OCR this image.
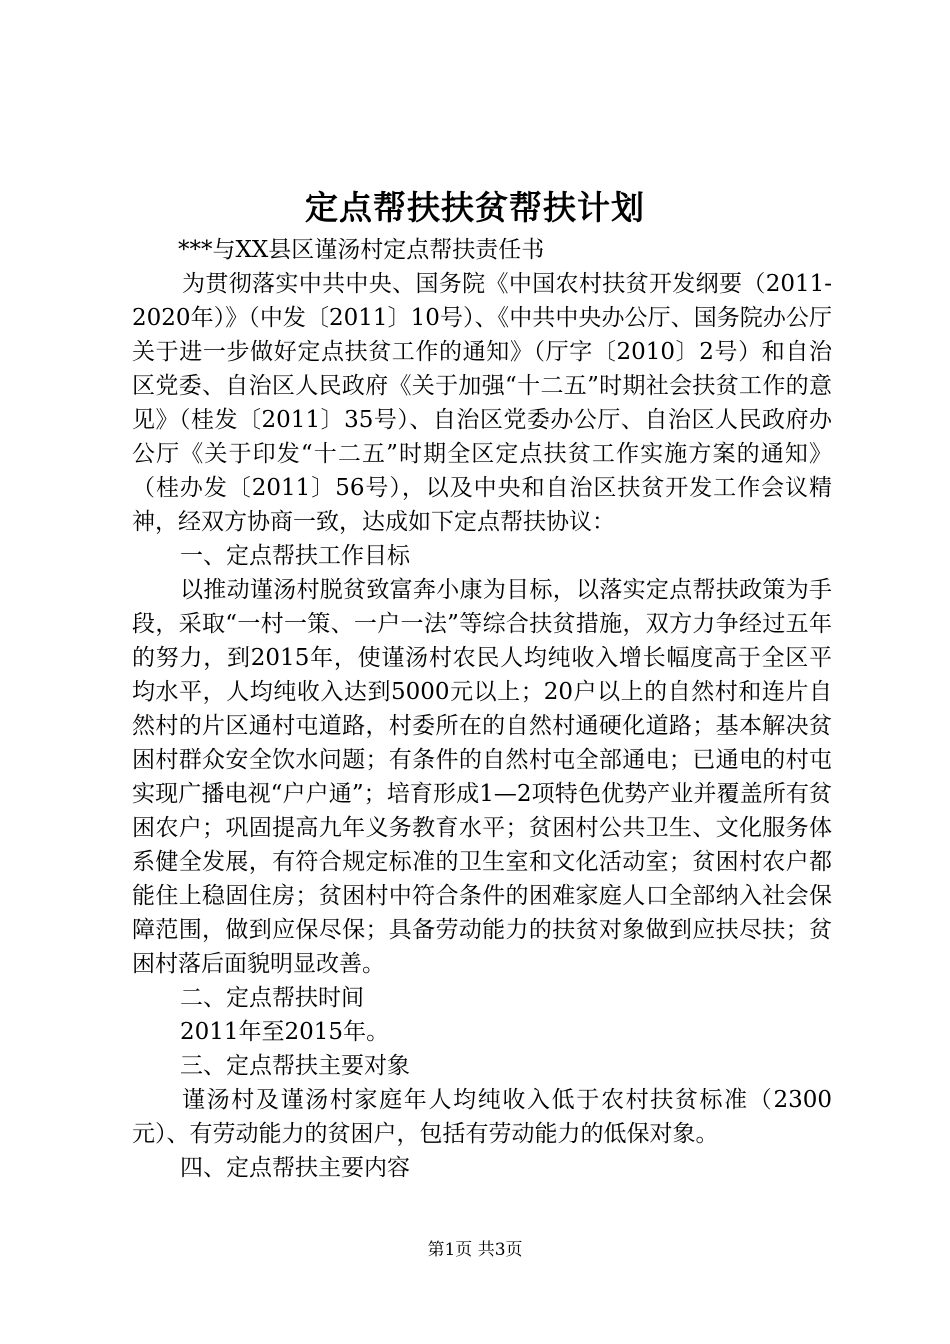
定点帮扶扶贫帮扶计划

***与XX县区谨汤村定点帮扶责任书

为贯彻落实中共中央、国务院《中国农村扶贫开发纲要（2011-2020年）》（中发〔2011〕10号）、《中共中央办公厅、国务院办公厅关于进一步做好定点扶贫工作的通知》（厅字〔2010〕2号）和自治区党委、自治区人民政府《关于加强“十二五”时期社会扶贫工作的意见》（桂发〔2011〕35号）、自治区党委办公厅、自治区人民政府办公厅《关于印发“十二五”时期全区定点扶贫工作实施方案的通知》（桂办发〔2011〕56号），以及中央和自治区扶贫开发工作会议精神，经双方协商一致，达成如下定点帮扶协议：

一、定点帮扶工作目标

以推动谨汤村脱贫致富奔小康为目标，以落实定点帮扶政策为手段，采取“一村一策、一户一法”等综合扶贫措施，双方力争经过五年的努力，到2015年，使谨汤村农民人均纯收入增长幅度高于全区平均水平，人均纯收入达到5000元以上；20户以上的自然村和连片自然村的片区通村屯道路，村委所在的自然村通硬化道路；基本解决贫困村群众安全饮水问题；有条件的自然村屯全部通电；已通电的村屯实现广播电视“户户通”；培育形成1—2项特色优势产业并覆盖所有贫困农户；巩固提高九年义务教育水平；贫困村公共卫生、文化服务体系健全发展，有符合规定标准的卫生室和文化活动室；贫困村农户都能住上稳固住房；贫困村中符合条件的困难家庭人口全部纳入社会保障范围，做到应保尽保；具备劳动能力的扶贫对象做到应扶尽扶；贫困村落后面貌明显改善。

二、定点帮扶时间

2011年至2015年。

三、定点帮扶主要对象

谨汤村及谨汤村家庭年人均纯收入低于农村扶贫标准（2300元）、有劳动能力的贫困户，包括有劳动能力的低保对象。

四、定点帮扶主要内容

第1页 共3页
